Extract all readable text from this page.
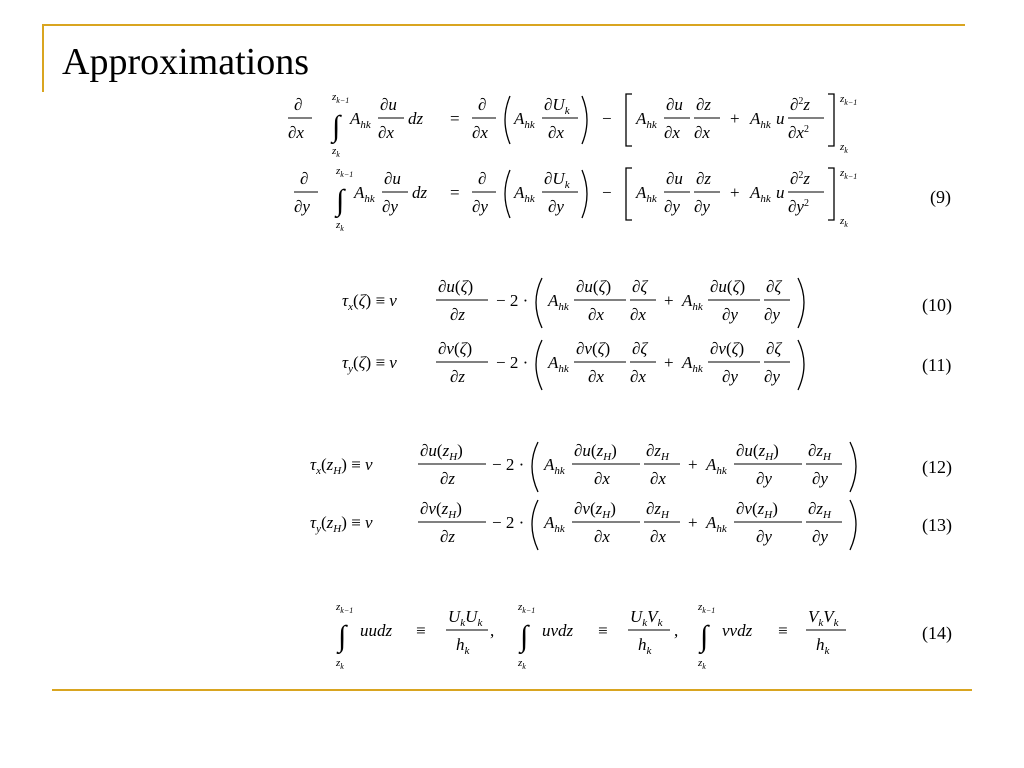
Approximations
∂
∂x
$z_{k-1}$
∫
$z_k$
$A_{hk}$
∂u
∂x
dz =
∂
∂x
$A_{hk}$
$\partial U_k$
∂x
− $A_{hk}$
∂u
∂x
∂z
∂x
+ $A_{hk}$ u
∂$^2$z
$\partial x^2$
$z_{k-1}$
$z_k$
∂
∂y
$z_{k-1}$
∫
$z_k$
$A_{hk}$
∂u
∂y
dz =
∂
∂y
$A_{hk}$
$\partial U_k$
∂y
− $A_{hk}$
∂u
∂y
∂z
∂y
+ $A_{hk}$ u
∂$^2$z
$\partial y^2$
$z_{k-1}$
$z_k$
(9)
$\tau_x(\zeta) \equiv \nu$
∂u(ζ)
∂z
− $2 \cdot A_{hk}$
∂u(ζ)
∂x
∂ζ
∂x
+ $A_{hk}$
∂u(ζ)
∂y
∂ζ
∂y	(10)
$\tau_y(\zeta) \equiv \nu$
∂v(ζ)
∂z
− $2 \cdot A_{hk}$
∂v(ζ)
∂x
∂ζ
∂x
+ $A_{hk}$
∂v(ζ)
∂y
∂ζ
∂y
(11)
$\tau_x(z_H) \equiv \nu$
$\partial u(z_H)$
∂z
− $2 \cdot A_{hk}$
$\partial u(z_H)$
∂x
$\partial z_H$
∂x
+ $A_{hk}$
$\partial u(z_H)$
∂y
$\partial z_H$
∂y
(12)
$\tau_y(z_H) \equiv \nu$
$\partial v(z_H)$
∂z
− $2 \cdot A_{hk}$
$\partial v(z_H)$
∂x
$\partial z_H$
∂x
+ $A_{hk}$
$\partial v(z_H)$
∂y
$\partial z_H$
∂y
(13)
$z_{k-1}$
∫
$z_k$
uudz ≡
$U_kU_k$
$h_k$
,
$z_{k-1}$
∫
$z_k$
uvdz ≡
$U_kV_k$
$h_k$
,
$z_{k-1}$
∫
$z_k$
vvdz ≡
$V_kV_k$
$h_k$
(14)
